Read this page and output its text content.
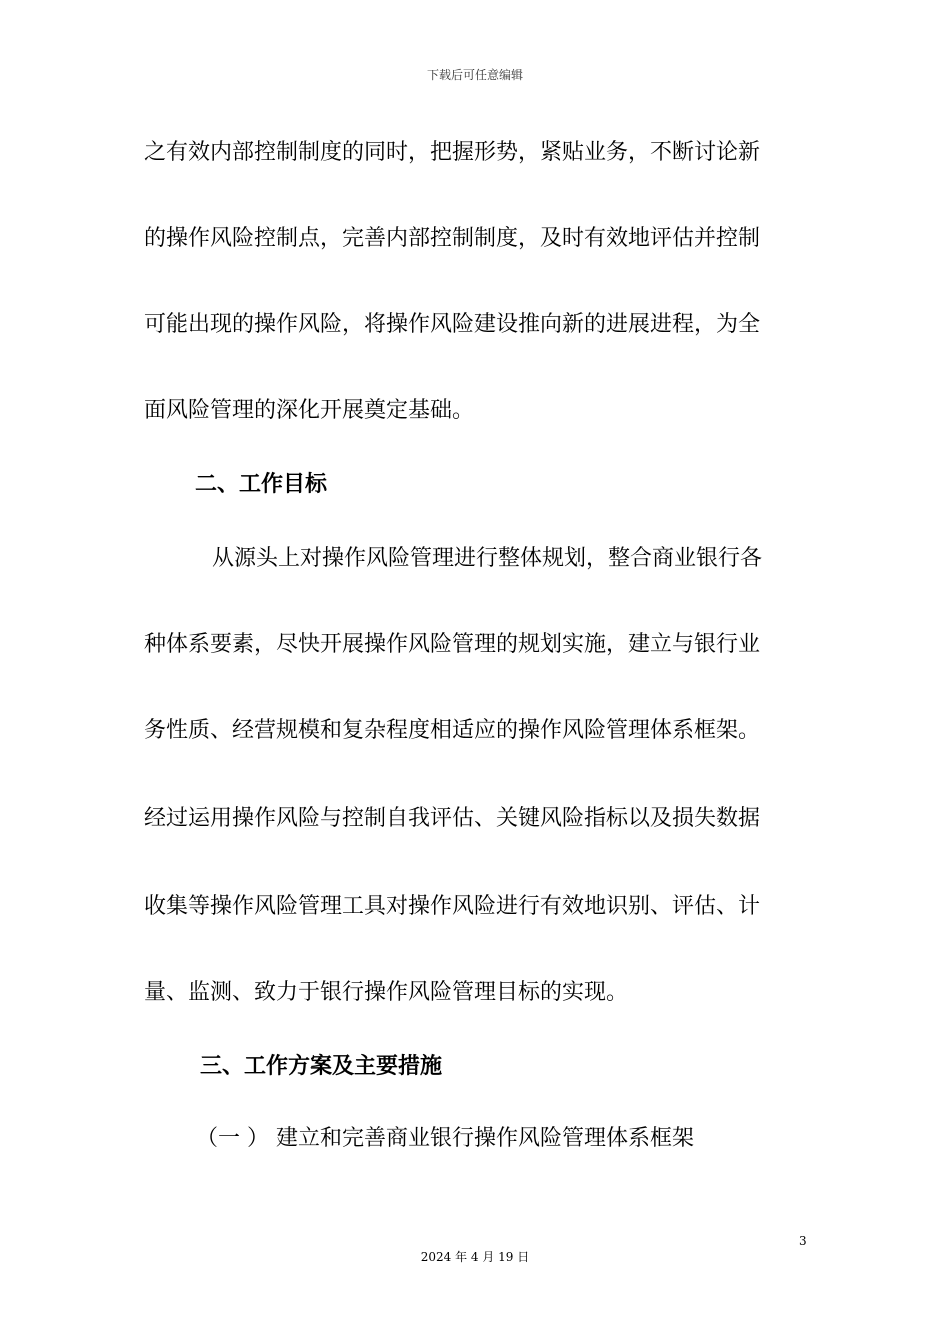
下载后可任意编辑
之有效内部控制制度的同时，把握形势，紧贴业务，不断讨论新
的操作风险控制点，完善内部控制制度，及时有效地评估并控制
可能出现的操作风险，将操作风险建设推向新的进展进程，为全
面风险管理的深化开展奠定基础。
二、工作目标
从源头上对操作风险管理进行整体规划，整合商业银行各
种体系要素，尽快开展操作风险管理的规划实施，建立与银行业
务性质、经营规模和复杂程度相适应的操作风险管理体系框架。
经过运用操作风险与控制自我评估、关键风险指标以及损失数据
收集等操作风险管理工具对操作风险进行有效地识别、评估、计
量、监测、致力于银行操作风险管理目标的实现。
三、工作方案及主要措施
（一 ） 建立和完善商业银行操作风险管理体系框架
3
2024 年 4 月 19 日
